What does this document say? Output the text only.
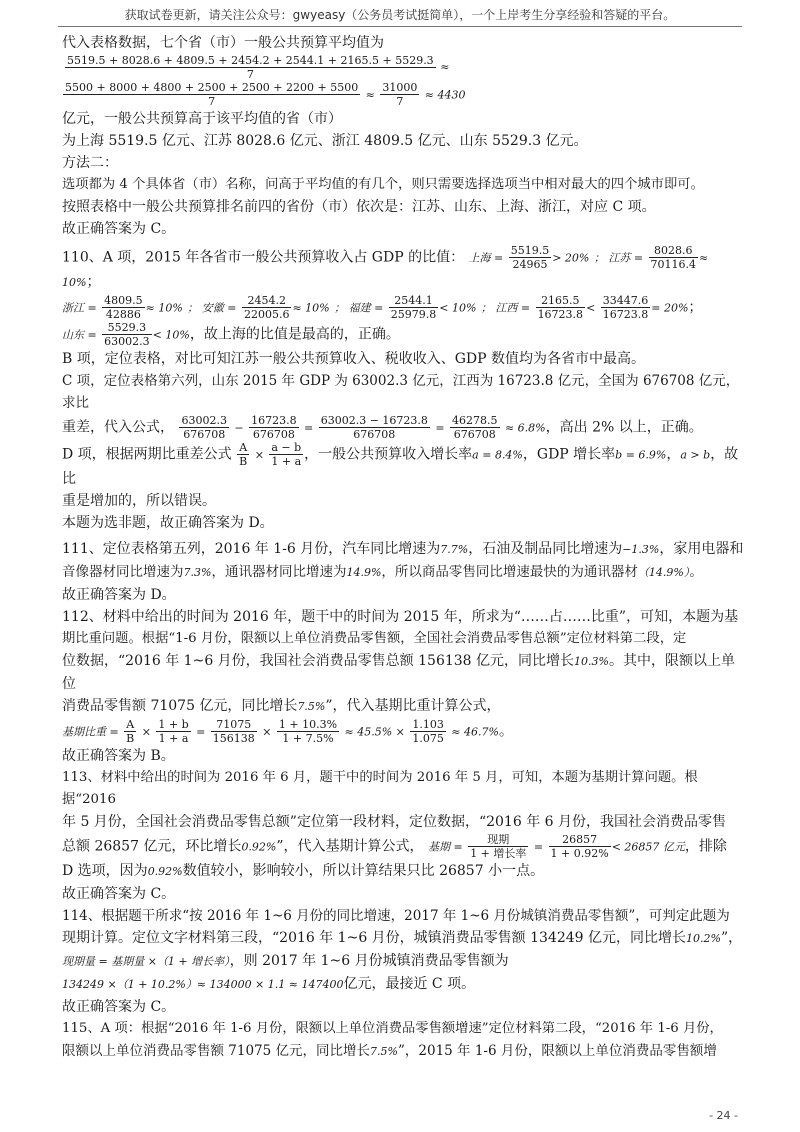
获取试卷更新，请关注公众号：gwyeasy（公务员考试挺简单），一个上岸考生分享经验和答疑的平台。

代入表格数据，七个省（市）一般公共预算平均值为

$\frac{5519.5 + 8028.6 + 4809.5 + 2454.2 + 2544.1 + 2165.5 + 5529.3}{7}$ ≈

$\frac{5500 + 8000 + 4800 + 2500 + 2500 + 2200 + 5500}{7} \approx \frac{31000}{7} \approx 4430$亿元，一般公共预算高于该平均值的省（市）

为上海 5519.5 亿元、江苏 8028.6 亿元、浙江 4809.5 亿元、山东 5529.3 亿元。

方法二：

选项都为 4 个具体省（市）名称，问高于平均值的有几个，则只需要选择选项当中相对最大的四个城市即可。

按照表格中一般公共预算排名前四的省份（市）依次是：江苏、山东、上海、浙江，对应 C 项。

故正确答案为 C。

110、A 项，2015 年各省市一般公共预算收入占 GDP 的比值： 上海 = $\frac{5519.5}{24965} > 20\%$ ； 江苏 = $\frac{8028.6}{70116.4} \approx 10\%$；

浙江 = $\frac{4809.5}{42886} \approx 10\%$ ； 安徽 = $\frac{2454.2}{22005.6} \approx 10\%$ ； 福建 = $\frac{2544.1}{25979.8} < 10\%$ ； 江西 = $\frac{2165.5}{16723.8} < \frac{33447.6}{16723.8} = 20\%$；

山东 = $\frac{5529.3}{63002.3} < 10\%$，故上海的比值是最高的，正确。

B 项，定位表格，对比可知江苏一般公共预算收入、税收收入、GDP 数值均为各省市中最高。

C 项，定位表格第六列，山东 2015 年 GDP 为 63002.3 亿元，江西为 16723.8 亿元，全国为 676708 亿元，求比

重差，代入公式， $\frac{63002.3}{676708} - \frac{16723.8}{676708} = \frac{63002.3 - 16723.8}{676708} = \frac{46278.5}{676708} \approx 6.8\%$，高出 2% 以上，正确。

D 项，根据两期比重差公式 $\frac{A}{B} \times \frac{a - b}{1 + a}$ ，一般公共预算收入增长率a = 8.4%，GDP 增长率b = 6.9%，a > b，故比

重是增加的，所以错误。

本题为选非题，故正确答案为 D。

111、定位表格第五列，2016 年 1-6 月份，汽车同比增速为7.7%，石油及制品同比增速为−1.3%，家用电器和

音像器材同比增速为7.3%，通讯器材同比增速为14.9%，所以商品零售同比增速最快的为通讯器材（14.9%）。

故正确答案为 D。

112、材料中给出的时间为 2016 年，题干中的时间为 2015 年，所求为“……占……比重”，可知，本题为基

期比重问题。根据“1-6 月份，限额以上单位消费品零售额，全国社会消费品零售总额”定位材料第二段，定

位数据，“2016 年 1~6 月份，我国社会消费品零售总额 156138 亿元，同比增长10.3%。其中，限额以上单位

消费品零售额 71075 亿元，同比增长7.5%”，代入基期比重计算公式，

基期比重 = $\frac{A}{B} \times \frac{1 + b}{1 + a} = \frac{71075}{156138} \times \frac{1 + 10.3\%}{1 + 7.5\%} \approx 45.5\% \times \frac{1.103}{1.075} \approx 46.7\%$。

故正确答案为 B。

113、材料中给出的时间为 2016 年 6 月，题干中的时间为 2016 年 5 月，可知，本题为基期计算问题。根据“2016

年 5 月份，全国社会消费品零售总额”定位第一段材料，定位数据，“2016 年 6 月份，我国社会消费品零售

总额 26857 亿元，环比增长0.92%”，代入基期计算公式， 基期 = $\frac{\text{现期}}{\text{1 + 增长率}} = \frac{26857}{1 + 0.92\%} < 26857$ 亿元，排除

D 选项，因为0.92%数值较小，影响较小，所以计算结果只比 26857 小一点。

故正确答案为 C。

114、根据题干所求“按 2016 年 1~6 月份的同比增速，2017 年 1~6 月份城镇消费品零售额”，可判定此题为

现期计算。定位文字材料第三段，“2016 年 1~6 月份，城镇消费品零售额 134249 亿元，同比增长10.2%”，

现期量 = 基期量 ×（1 + 增长率），则 2017 年 1~6 月份城镇消费品零售额为

134249 ×（1 + 10.2%）≈ 134000 × 1.1 ≈ 147400亿元，最接近 C 项。

故正确答案为 C。

115、A 项：根据“2016 年 1-6 月份，限额以上单位消费品零售额增速”定位材料第二段，“2016 年 1-6 月份，

限额以上单位消费品零售额 71075 亿元，同比增长7.5%”，2015 年 1-6 月份，限额以上单位消费品零售额增

- 24 -
